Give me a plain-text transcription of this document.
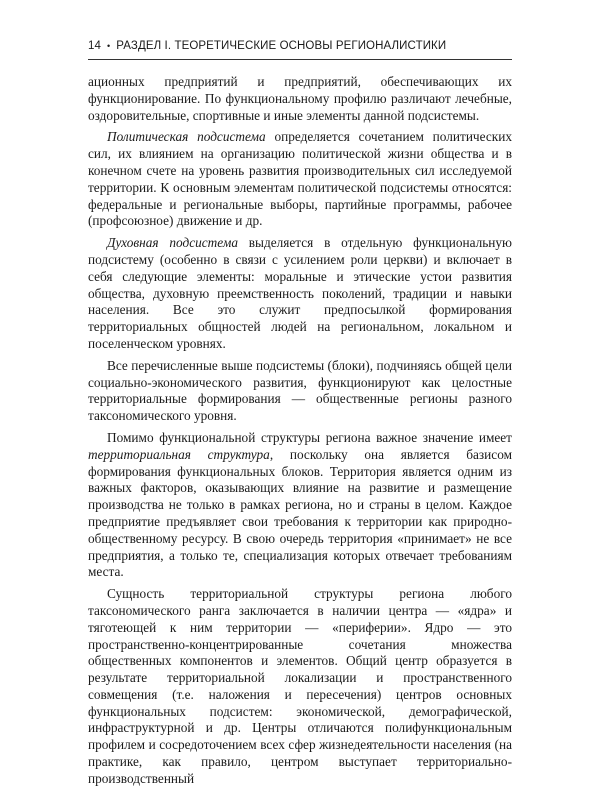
14 • РАЗДЕЛ I. ТЕОРЕТИЧЕСКИЕ ОСНОВЫ РЕГИОНАЛИСТИКИ

ационных предприятий и предприятий, обеспечивающих их функционирование. По функциональному профилю различают лечебные, оздоровительные, спортивные и иные элементы данной подсистемы.

Политическая подсистема определяется сочетанием политических сил, их влиянием на организацию политической жизни общества и в конечном счете на уровень развития производительных сил исследуемой территории. К основным элементам политической подсистемы относятся: федеральные и региональные выборы, партийные программы, рабочее (профсоюзное) движение и др.

Духовная подсистема выделяется в отдельную функциональную подсистему (особенно в связи с усилением роли церкви) и включает в себя следующие элементы: моральные и этические устои развития общества, духовную преемственность поколений, традиции и навыки населения. Все это служит предпосылкой формирования территориальных общностей людей на региональном, локальном и поселенческом уровнях.

Все перечисленные выше подсистемы (блоки), подчиняясь общей цели социально-экономического развития, функционируют как целостные территориальные формирования — общественные регионы разного таксономического уровня.

Помимо функциональной структуры региона важное значение имеет территориальная структура, поскольку она является базисом формирования функциональных блоков. Территория является одним из важных факторов, оказывающих влияние на развитие и размещение производства не только в рамках региона, но и страны в целом. Каждое предприятие предъявляет свои требования к территории как природно-общественному ресурсу. В свою очередь территория «принимает» не все предприятия, а только те, специализация которых отвечает требованиям места.

Сущность территориальной структуры региона любого таксономического ранга заключается в наличии центра — «ядра» и тяготеющей к ним территории — «периферии». Ядро — это пространственно-концентрированные сочетания множества общественных компонентов и элементов. Общий центр образуется в результате территориальной локализации и пространственного совмещения (т.е. наложения и пересечения) центров основных функциональных подсистем: экономической, демографической, инфраструктурной и др. Центры отличаются полифункциональным профилем и сосредоточением всех сфер жизнедеятельности населения (на практике, как правило, центром выступает территориально-производственный
